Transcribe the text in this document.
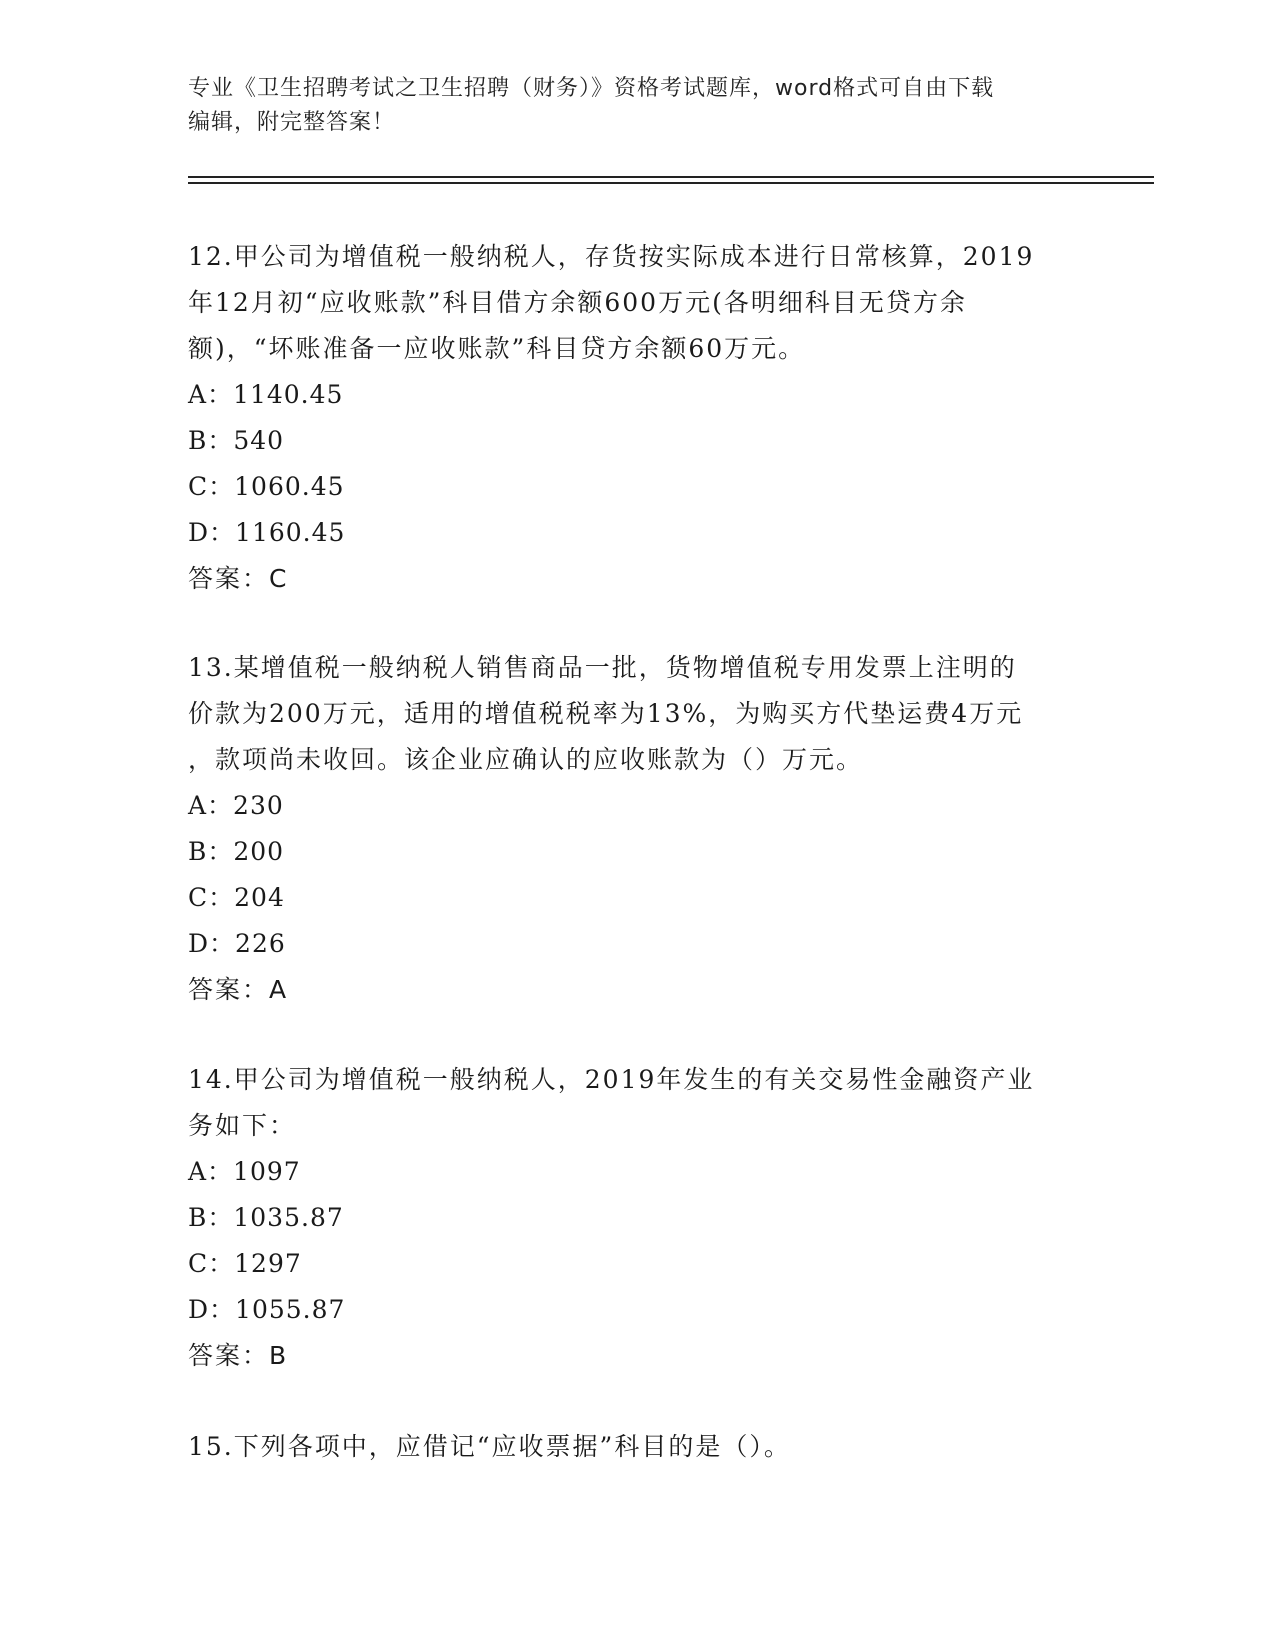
专业《卫生招聘考试之卫生招聘（财务）》资格考试题库，word格式可自由下载
编辑，附完整答案！

12.甲公司为增值税一般纳税人，存货按实际成本进行日常核算，2019

年12月初“应收账款”科目借方余额600万元(各明细科目无贷方余

额)，“坏账准备一应收账款”科目贷方余额60万元。

A：1140.45

B：540

C：1060.45

D：1160.45

答案：C

13.某增值税一般纳税人销售商品一批，货物增值税专用发票上注明的

价款为200万元，适用的增值税税率为13%，为购买方代垫运费4万元

，款项尚未收回。该企业应确认的应收账款为（）万元。

A：230

B：200

C：204

D：226

答案：A

14.甲公司为增值税一般纳税人，2019年发生的有关交易性金融资产业

务如下：

A：1097

B：1035.87

C：1297

D：1055.87

答案：B

15.下列各项中，应借记“应收票据”科目的是（）。
